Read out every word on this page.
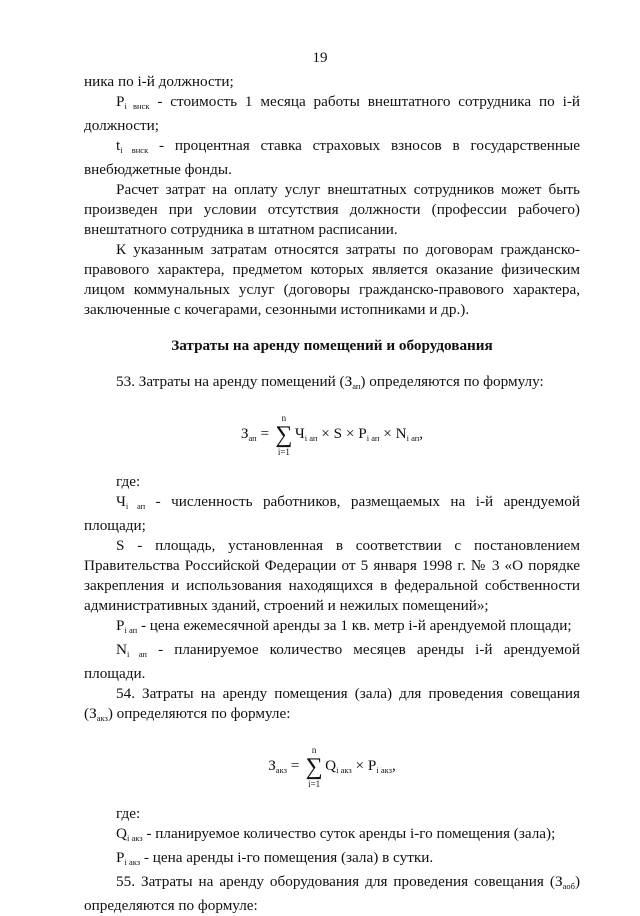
19

ника по i-й должности;

$P_{i внск}$ - стоимость 1 месяца работы внештатного сотрудника по i-й должности;

$t_{i внск}$ - процентная ставка страховых взносов в государственные внебюджетные фонды.

Расчет затрат на оплату услуг внештатных сотрудников может быть произведен при условии отсутствия должности (профессии рабочего) внештатного сотрудника в штатном расписании.

К указанным затратам относятся затраты по договорам гражданско-правового характера, предметом которых является оказание физическим лицом коммунальных услуг (договоры гражданско-правового характера, заключенные с кочегарами, сезонными истопниками и др.).

Затраты на аренду помещений и оборудования

53. Затраты на аренду помещений $(З_{ап})$ определяются по формулу:

$З_{ап}$ = ∑
n
i=1
$Ч_{i ап} \times S \times P_{i ап} \times N_{i ап}$,

где:

$Ч_{i ап}$ - численность работников, размещаемых на i-й арендуемой площади;

S - площадь, установленная в соответствии с постановлением Правительства Российской Федерации от 5 января 1998 г. № 3 «О порядке закрепления и использования находящихся в федеральной собственности административных зданий, строений и нежилых помещений»;

$P_{i ап}$ - цена ежемесячной аренды за 1 кв. метр i-й арендуемой площади;

$N_{i ап}$ - планируемое количество месяцев аренды i-й арендуемой площади.

54. Затраты на аренду помещения (зала) для проведения совещания $(З_{акз})$ определяются по формуле:

$З_{акз}$ = ∑
n
i=1
$Q_{i акз} \times P_{i акз}$,

где:

$Q_{i акз}$ - планируемое количество суток аренды i-го помещения (зала);

$P_{i акз}$ - цена аренды i-го помещения (зала) в сутки.

55. Затраты на аренду оборудования для проведения совещания $(З_{аоб})$ определяются по формуле:
